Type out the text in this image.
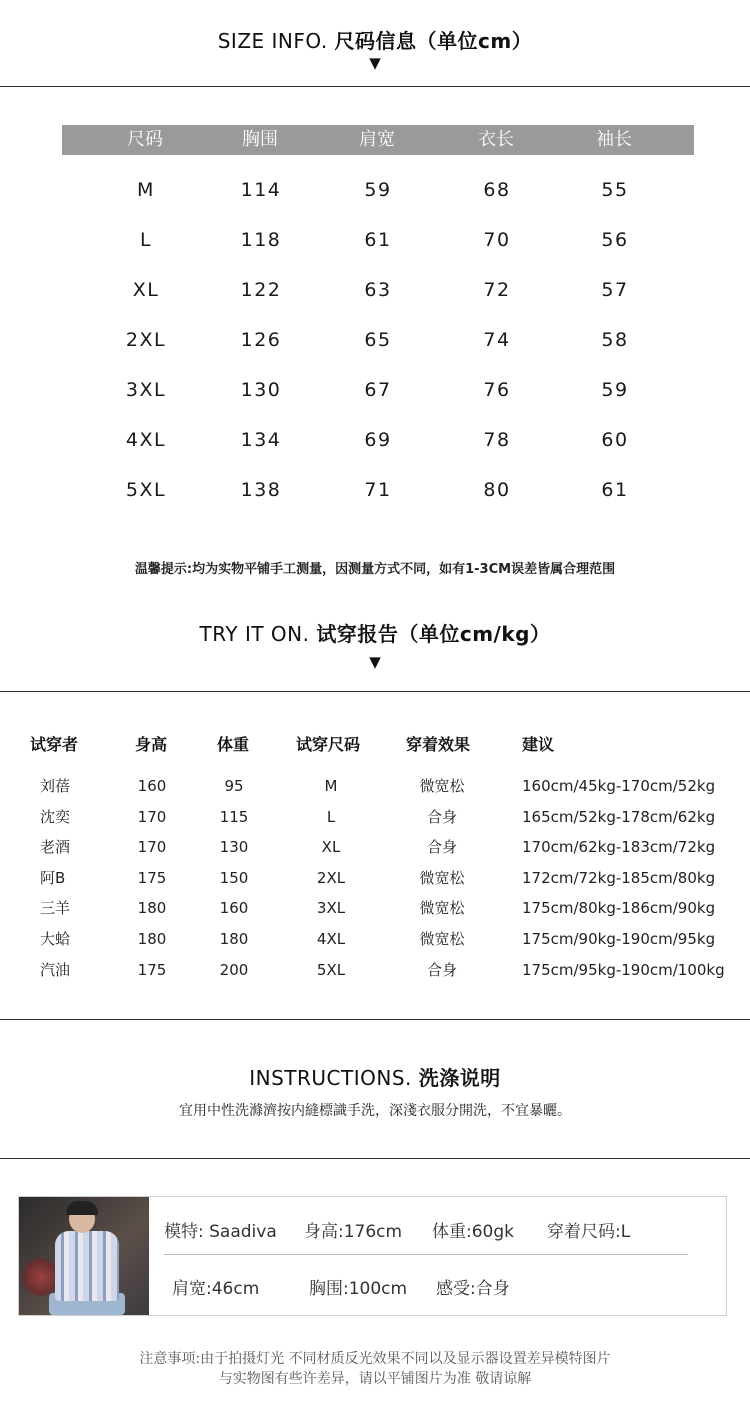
SIZE INFO. 尺码信息（单位cm）
▼
尺码	胸围	肩宽	衣长	袖长
M	114	59	68	55
L	118	61	70	56
XL	122	63	72	57
2XL	126	65	74	58
3XL	130	67	76	59
4XL	134	69	78	60
5XL	138	71	80	61
温馨提示:均为实物平铺手工测量，因测量方式不同，如有1-3CM误差皆属合理范围
TRY IT ON. 试穿报告（单位cm/kg）
▼
试穿者	身高	体重	试穿尺码	穿着效果	建议
刘蓓	160	95	M	微宽松	160cm/45kg-170cm/52kg
沈奕	170	115	L	合身	165cm/52kg-178cm/62kg
老酒	170	130	XL	合身	170cm/62kg-183cm/72kg
阿B	175	150	2XL	微宽松	172cm/72kg-185cm/80kg
三羊	180	160	3XL	微宽松	175cm/80kg-186cm/90kg
大蛤	180	180	4XL	微宽松	175cm/90kg-190cm/95kg
汽油	175	200	5XL	合身	175cm/95kg-190cm/100kg
INSTRUCTIONS. 洗涤说明
宜用中性洗滌濟按内縫標識手洗，深淺衣服分開洗，不宜暴曬。
模特: Saadiva 身高:176cm 体重:60gk 穿着尺码:L
肩宽:46cm	胸围:100cm 感受:合身
注意事项:由于拍摄灯光 不同材质反光效果不同以及显示器设置差异模特图片
与实物图有些许差异，请以平铺图片为准 敬请谅解
